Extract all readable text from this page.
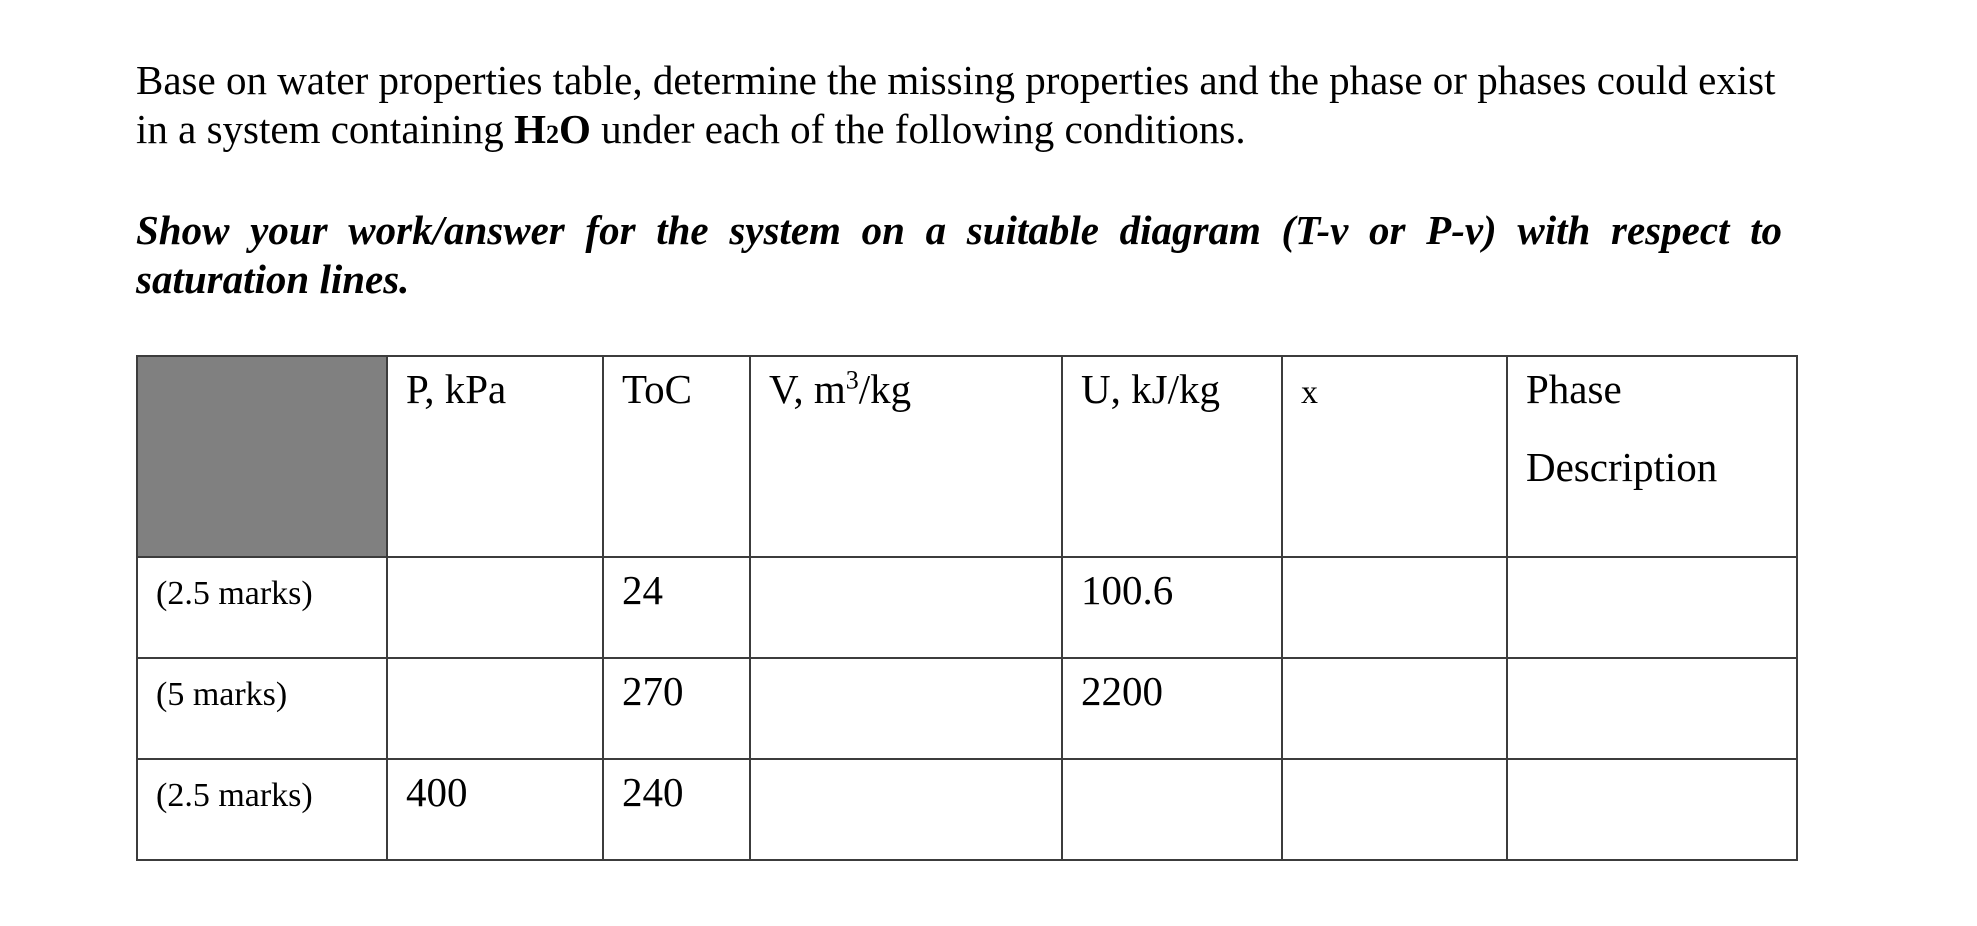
Base on water properties table, determine the missing properties and the phase or phases could exist in a system containing H2O under each of the following conditions.

Show your work/answer for the system on a suitable diagram (T-v or P-v) with respect to saturation lines.

	P, kPa	ToC	V, $m^3/kg$	U, kJ/kg	x	Phase
Description

(2.5 marks)		24		100.6		
(5 marks)		270		2200		
(2.5 marks)	400	240				
